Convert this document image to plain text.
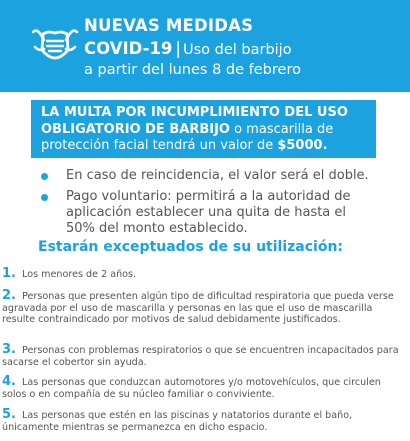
NUEVAS MEDIDAS
COVID-19 | Uso del barbijo
a partir del lunes 8 de febrero
LA MULTA POR INCUMPLIMIENTO DEL USO OBLIGATORIO DE BARBIJO o mascarilla de protección facial tendrá un valor de $5000.
En caso de reincidencia, el valor será el doble.
Pago voluntario: permitirá a la autoridad de aplicación establecer una quita de hasta el 50% del monto establecido.
Estarán exceptuados de su utilización:
1. Los menores de 2 años.
2. Personas que presenten algún tipo de dificultad respiratoria que pueda verse agravada por el uso de mascarilla y personas en las que el uso de mascarilla resulte contraindicado por motivos de salud debidamente justificados.
3. Personas con problemas respiratorios o que se encuentren incapacitados para sacarse el cobertor sin ayuda.
4. Las personas que conduzcan automotores y/o motovehículos, que circulen solos o en compañía de su núcleo familiar o conviviente.
5. Las personas que estén en las piscinas y natatorios durante el baño, únicamente mientras se permanezca en dicho espacio.
